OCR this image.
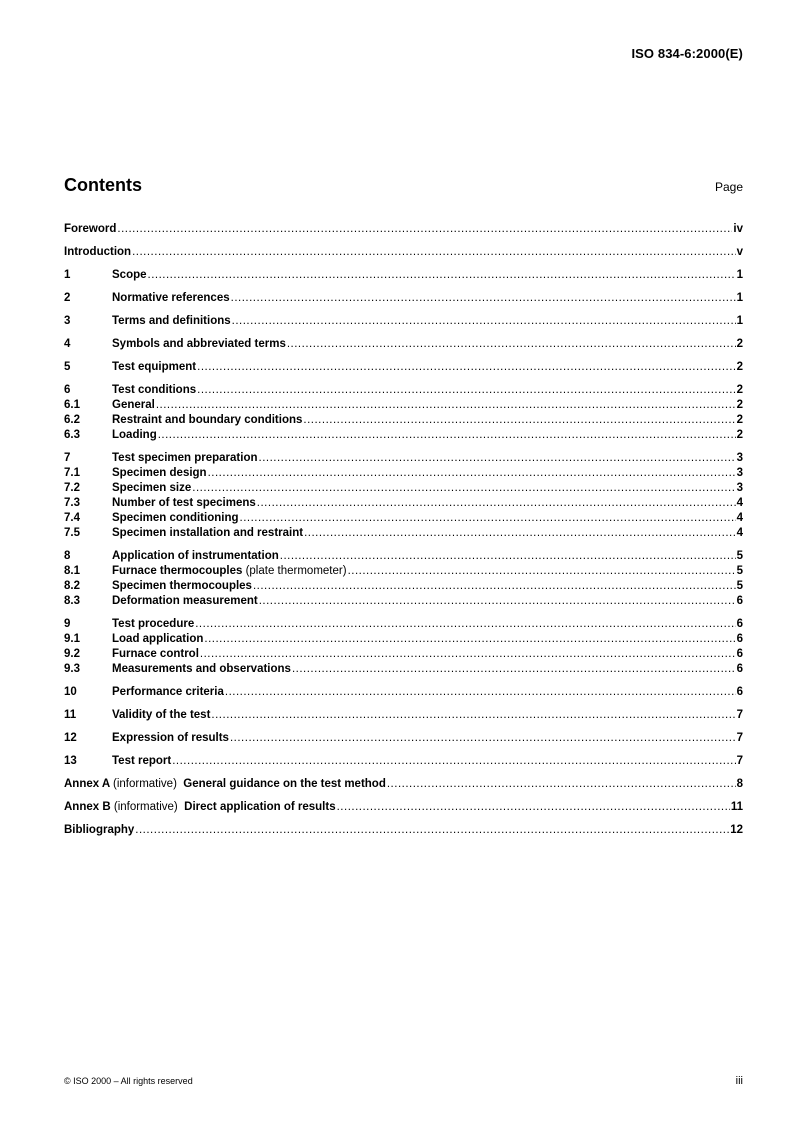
ISO 834-6:2000(E)
Contents	Page
Foreword .....	iv
Introduction .....	v
1	Scope .....	1
2	Normative references .....	1
3	Terms and definitions .....	1
4	Symbols and abbreviated terms .....	2
5	Test equipment .....	2
6	Test conditions .....	2
6.1	General .....	2
6.2	Restraint and boundary conditions .....	2
6.3	Loading .....	2
7	Test specimen preparation .....	3
7.1	Specimen design .....	3
7.2	Specimen size .....	3
7.3	Number of test specimens .....	4
7.4	Specimen conditioning .....	4
7.5	Specimen installation and restraint .....	4
8	Application of instrumentation .....	5
8.1	Furnace thermocouples (plate thermometer) .....	5
8.2	Specimen thermocouples .....	5
8.3	Deformation measurement .....	6
9	Test procedure .....	6
9.1	Load application .....	6
9.2	Furnace control .....	6
9.3	Measurements and observations .....	6
10	Performance criteria .....	6
11	Validity of the test .....	7
12	Expression of results .....	7
13	Test report .....	7
Annex A (informative) General guidance on the test method .....	8
Annex B (informative) Direct application of results .....	11
Bibliography .....	12
© ISO 2000 – All rights reserved	iii
